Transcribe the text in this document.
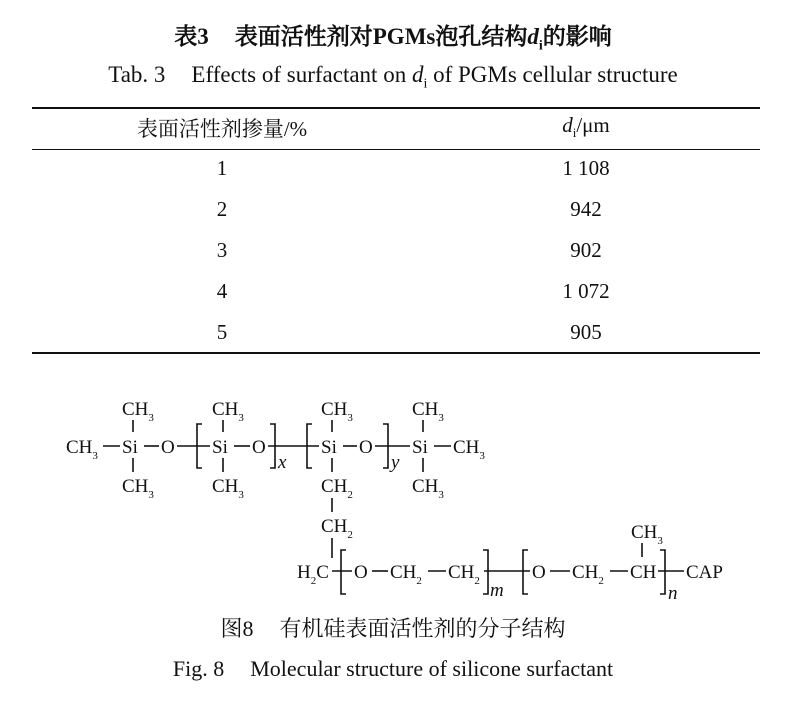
表3 表面活性剂对PGMs泡孔结构$d_i$的影响
Tab. 3 Effects of surfactant on $d_i$ of PGMs cellular structure
表面活性剂掺量/%	$d_i/\mu m$
1	1 108
2	942
3	902
4	1 072
5	905
$CH_3$ Si O Si O
x
Si O
y
Si $CH_3$
$CH_3$	$CH_3$	$CH_3$	$CH_3$
$CH_3$	$CH_3$	$CH_3$
$CH_2$
$CH_2$
$H_2C$ O $CH_2$ $CH_2$ m
O $CH_2$ CH
$CH_3$
n
CAP
图8 有机硅表面活性剂的分子结构
Fig. 8 Molecular structure of silicone surfactant
